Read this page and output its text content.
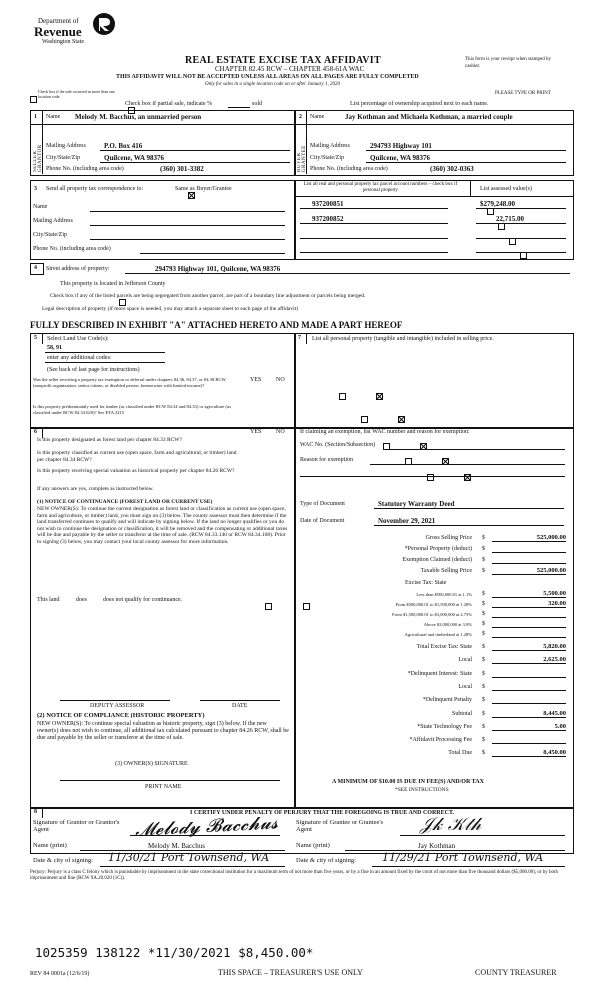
Department of
Revenue
Washington State
REAL ESTATE EXCISE TAX AFFIDAVIT
CHAPTER 82.45 RCW – CHAPTER 458-61A WAC
THIS AFFIDAVIT WILL NOT BE ACCEPTED UNLESS ALL AREAS ON ALL PAGES ARE FULLY COMPLETED
Only for sales in a single location code on or after January 1, 2020
This form is your receipt when stamped by cashier.
PLEASE TYPE OR PRINT

Check box if the sale occurred in more than one location code.

Check box if partial sale, indicate %	sold	List percentage of ownership acquired next to each name.
1	2
Name Melody M. Bacchus, an unmarried person	Name	Jay Kothman and Michaela Kothman, a married couple
SELLER GRANTOR	BUYER GRANTEE
Mailing Address	P.O. Box 416
City/State/Zip	Quilcene, WA 98376
Phone No. (including area code)	(360) 301-3382
Mailing Address	294793 Highway 101
City/State/Zip	Quilcene, WA 98376
Phone No. (including area code)	(360) 302-0363
3 Send all property tax correspondence to:
	Same as Buyer/Grantee
Name
Mailing Address
City/State/Zip
Phone No. (including area code)
List all real and personal property tax parcel account numbers – check box if personal property	List assessed value(s)
937200851
	$279,248.00
937200852
	22,715.00

4 Street address of property:	294793 Highway 101, Quilcene, WA 98376
This property is located in Jefferson County

Check box if any of the listed parcels are being segregated from another parcel, are part of a boundary line adjustment or parcels being merged.
Legal description of property (if more space is needed, you may attach a separate sheet to each page of the affidavit)
FULLY DESCRIBED IN EXHIBIT "A" ATTACHED HERETO AND MADE A PART HEREOF
5 Select Land Use Code(s):
58, 91
enter any additional codes:
(See back of last page for instructions)
YES NO
Was the seller receiving a property tax exemption or deferral under chapters 84.36, 84.37, or 84.38 RCW (nonprofit organization, senior citizen, or disabled person, homeowner with limited income)?

Is this property predominantly used for timber (as classified under RCW 84.34 and 84.33) or agriculture (as classified under RCW 84.34.020)? See ETA 3215

7 List all personal property (tangible and intangible) included in selling price.
6	YES NO
Is this property designated as forest land per chapter 84.33 RCW?

Is this property classified as current use (open space, farm and agricultural, or timber) land per chapter 84.34 RCW?

Is this property receiving special valuation as historical property per chapter 84.26 RCW?

If any answers are yes, complete as instructed below.
(1) NOTICE OF CONTINUANCE (FOREST LAND OR CURRENT USE)
NEW OWNER(S): To continue the current designation as forest land or classification as current use (open space, farm and agriculture, or timber) land, you must sign on (3) below. The county assessor must then determine if the land transferred continues to qualify and will indicate by signing below. If the land no longer qualifies or you do not wish to continue the designation or classification, it will be removed and the compensating or additional taxes will be due and payable by the seller or transferor at the time of sale. (RCW 84.33.140 or RCW 84.34.108). Prior to signing (3) below, you may contact your local county assessor for more information.
This land
	does	does not qualify for continuance.
DEPUTY ASSESSOR	DATE
(2) NOTICE OF COMPLIANCE (HISTORIC PROPERTY)
NEW OWNER(S): To continue special valuation as historic property, sign (3) below. If the new owner(s) does not wish to continue, all additional tax calculated pursuant to chapter 84.26 RCW, shall be due and payable by the seller or transferor at the time of sale.
(3) OWNER(S) SIGNATURE
PRINT NAME
If claiming an exemption, list WAC number and reason for exemption:
WAC No. (Section/Subsection)
Reason for exemption
Type of Document	Statutory Warranty Deed
Date of Document	November 29, 2021
Gross Selling Price $	525,000.00
*Personal Property (deduct) $
Exemption Claimed (deduct) $
Taxable Selling Price $	525,000.00
Less than $500,000.01 at 1.1% $	5,500.00
From $500,000.01 to $1,500,000 at 1.28% $	320.00
From $1,500,000.01 to $3,000,000 at 2.75% $
Above $3,000,000 at 3.0% $
Agricultural and timberland at 1.28% $
Total Excise Tax: State $	5,820.00
Local $	2,625.00
*Delinquent Interest: State $
Local $
*Delinquent Penalty $
Subtotal $	8,445.00
*State Technology Fee $	5.00
*Affidavit Processing Fee $
Total Due $	8,450.00
Excise Tax: State
A MINIMUM OF $10.00 IS DUE IN FEE(S) AND/OR TAX
*SEE INSTRUCTIONS
8	I CERTIFY UNDER PENALTY OF PERJURY THAT THE FOREGOING IS TRUE AND CORRECT.
Signature of Grantor or Grantor's Agent	𝓜𝓮𝓵𝓸𝓭𝔂 𝓑𝓪𝓬𝓬𝓱𝓾𝓼	Signature of Grantee or Grantee's Agent	𝒥𝓀 𝒦𝓉𝒽
Name (print)	Melody M. Bacchus	Name (print)	Jay Kothman
Date & city of signing: 11/30/21 Port Townsend, WA	Date & city of signing: 11/29/21 Port Townsend, WA
Perjury: Perjury is a class C felony which is punishable by imprisonment in the state correctional institution for a maximum term of not more than five years, or by a fine in an amount fixed by the court of not more than five thousand dollars ($5,000.00), or by both imprisonment and fine (RCW 9A.20.020 (1C)).
1025359 138122 *11/30/2021 $8,450.00*
REV 84 0001a (12/6/19)	THIS SPACE – TREASURER'S USE ONLY	COUNTY TREASURER
